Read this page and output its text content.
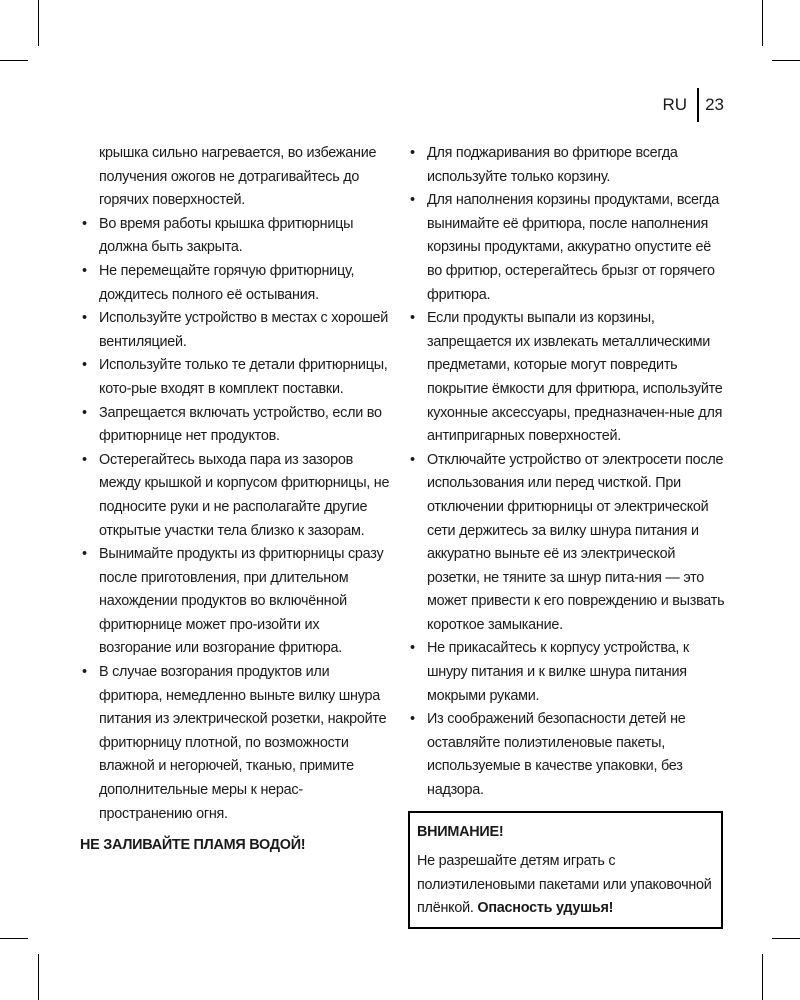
RU 23

крышка сильно нагревается, во избежание получения ожогов не дотрагивайтесь до горячих поверхностей.

• Во время работы крышка фритюрницы должна быть закрыта.

• Не перемещайте горячую фритюрницу, дождитесь полного её остывания.

• Используйте устройство в местах с хорошей вентиляцией.

• Используйте только те детали фритюрницы, кото-рые входят в комплект поставки.

• Запрещается включать устройство, если во фритюрнице нет продуктов.

• Остерегайтесь выхода пара из зазоров между крышкой и корпусом фритюрницы, не подносите руки и не располагайте другие открытые участки тела близко к зазорам.

• Вынимайте продукты из фритюрницы сразу после приготовления, при длительном нахождении продуктов во включённой фритюрнице может про-изойти их возгорание или возгорание фритюра.

• В случае возгорания продуктов или фритюра, немедленно выньте вилку шнура питания из электрической розетки, накройте фритюрницу плотной, по возможности влажной и негорючей, тканью, примите дополнительные меры к нерас-пространению огня.

НЕ ЗАЛИВАЙТЕ ПЛАМЯ ВОДОЙ!

• Для поджаривания во фритюре всегда используйте только корзину.

• Для наполнения корзины продуктами, всегда вынимайте её фритюра, после наполнения корзины продуктами, аккуратно опустите её во фритюр, остерегайтесь брызг от горячего фритюра.

• Если продукты выпали из корзины, запрещается их извлекать металлическими предметами, которые могут повредить покрытие ёмкости для фритюра, используйте кухонные аксессуары, предназначен-ные для антипригарных поверхностей.

• Отключайте устройство от электросети после использования или перед чисткой. При отключении фритюрницы от электрической сети держитесь за вилку шнура питания и аккуратно выньте её из электрической розетки, не тяните за шнур пита-ния — это может привести к его повреждению и вызвать короткое замыкание.

• Не прикасайтесь к корпусу устройства, к шнуру питания и к вилке шнура питания мокрыми руками.

• Из соображений безопасности детей не оставляйте полиэтиленовые пакеты, используемые в качестве упаковки, без надзора.

ВНИМАНИЕ!
Не разрешайте детям играть с полиэтиленовыми пакетами или упаковочной плёнкой. Опасность удушья!
